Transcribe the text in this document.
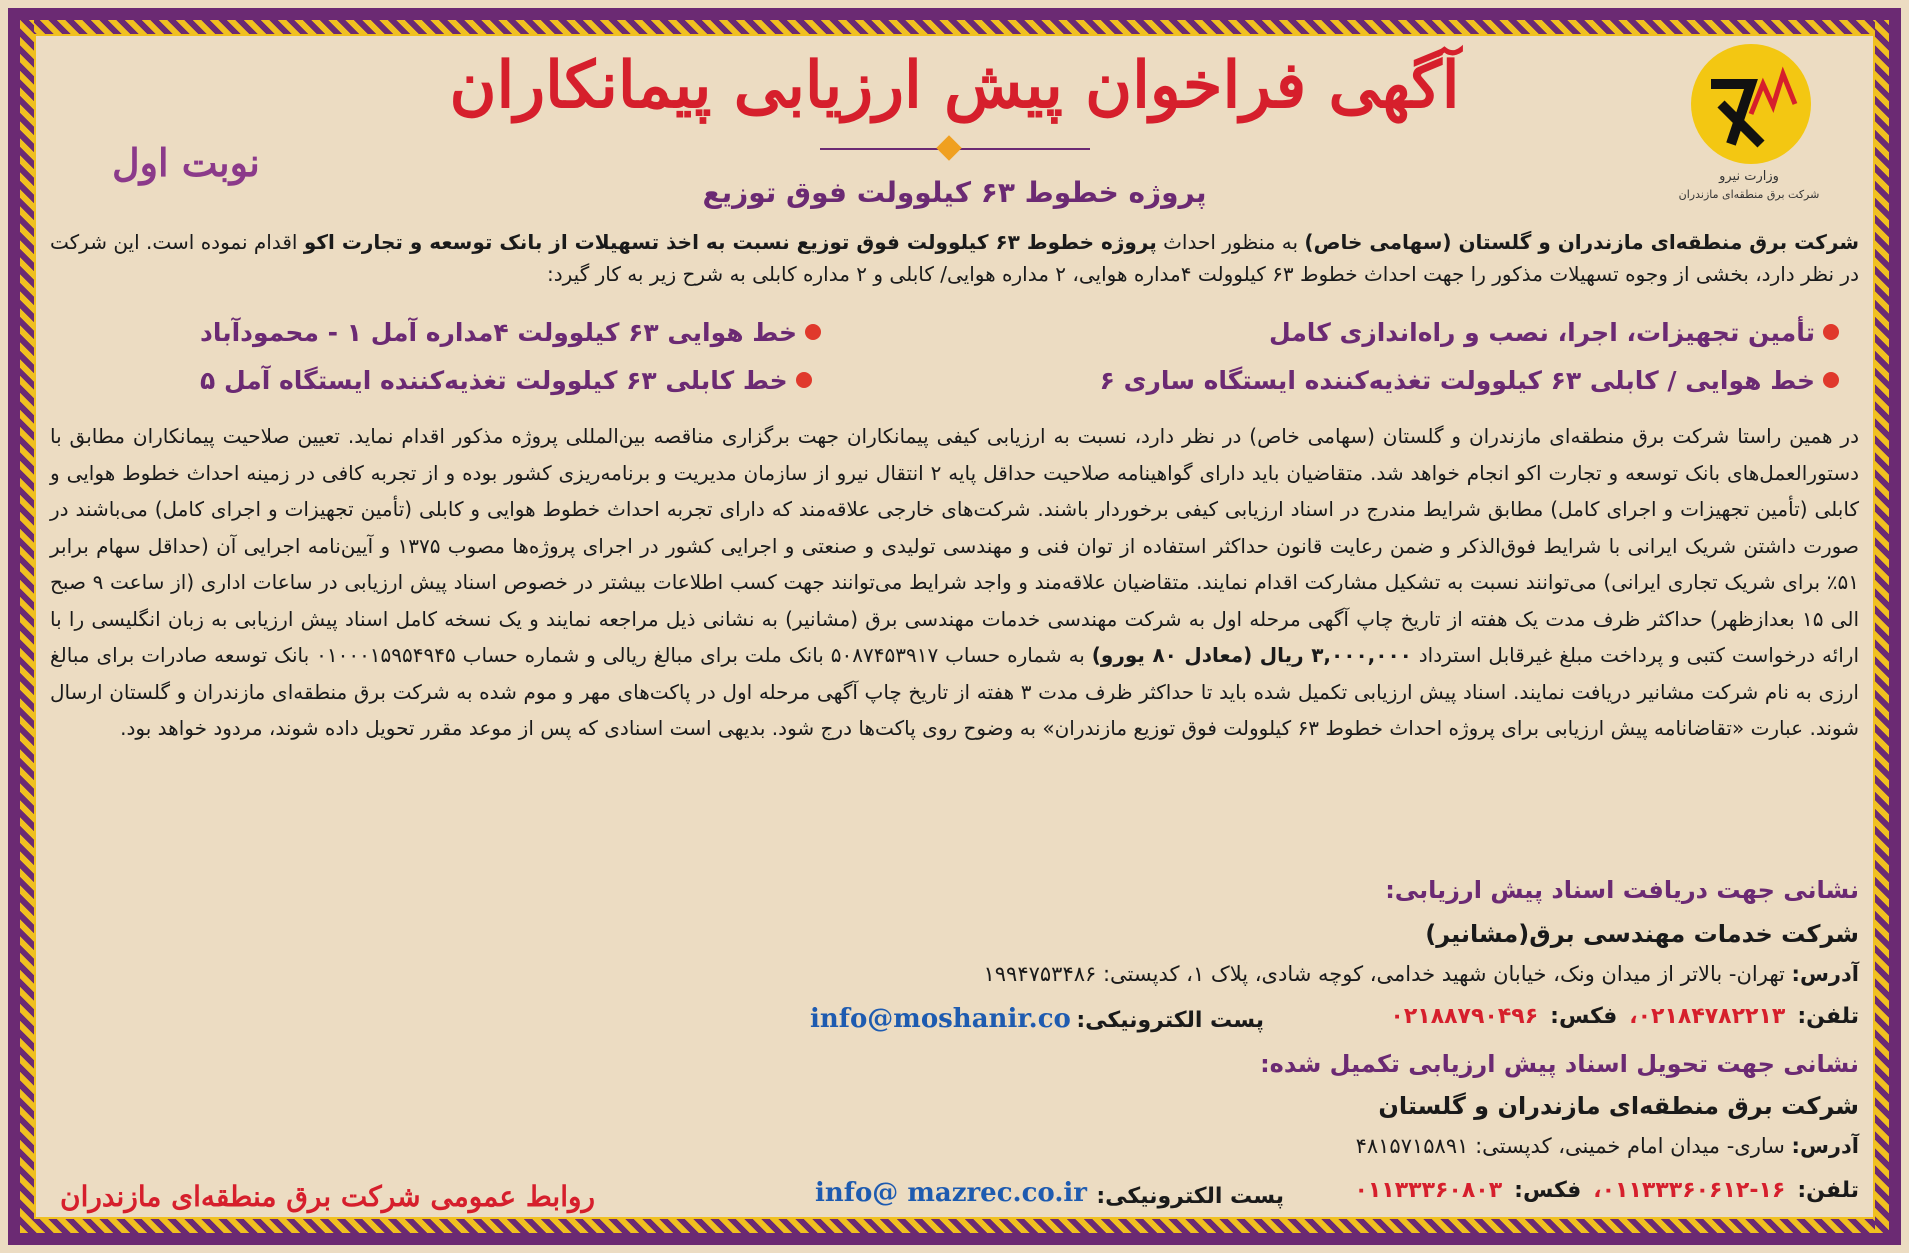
وزارت نیرو
شرکت برق منطقه‌ای مازندران
آگهی فراخوان پیش ارزیابی پیمانکاران
نوبت اول
پروژه خطوط ۶۳ کیلوولت فوق توزیع

شرکت برق منطقه‌ای مازندران و گلستان (سهامی خاص) به منظور احداث پروژه خطوط ۶۳ کیلوولت فوق توزیع نسبت به اخذ تسهیلات از بانک توسعه و تجارت اکو اقدام نموده است. این شرکت در نظر دارد، بخشی از وجوه تسهیلات مذکور را جهت احداث خطوط ۶۳ کیلوولت ۴مداره هوایی، ۲ مداره هوایی/ کابلی و ۲ مداره کابلی به شرح زیر به کار گیرد:

تأمین تجهیزات، اجرا، نصب و راه‌اندازی کامل
خط هوایی ۶۳ کیلوولت ۴مداره آمل ۱ - محمودآباد
خط هوایی / کابلی ۶۳ کیلوولت تغذیه‌کننده ایستگاه ساری ۶
خط کابلی ۶۳ کیلوولت تغذیه‌کننده ایستگاه آمل ۵

در همین راستا شرکت برق منطقه‌ای مازندران و گلستان (سهامی خاص) در نظر دارد، نسبت به ارزیابی کیفی پیمانکاران جهت برگزاری مناقصه بین‌المللی پروژه مذکور اقدام نماید. تعیین صلاحیت پیمانکاران مطابق با دستورالعمل‌های بانک توسعه و تجارت اکو انجام خواهد شد. متقاضیان باید دارای گواهینامه صلاحیت حداقل پایه ۲ انتقال نیرو از سازمان مدیریت و برنامه‌ریزی کشور بوده و از تجربه کافی در زمینه احداث خطوط هوایی و کابلی (تأمین تجهیزات و اجرای کامل) مطابق شرایط مندرج در اسناد ارزیابی کیفی برخوردار باشند. شرکت‌های خارجی علاقه‌مند که دارای تجربه احداث خطوط هوایی و کابلی (تأمین تجهیزات و اجرای کامل) می‌باشند در صورت داشتن شریک ایرانی با شرایط فوق‌الذکر و ضمن رعایت قانون حداکثر استفاده از توان فنی و مهندسی تولیدی و صنعتی و اجرایی کشور در اجرای پروژه‌ها مصوب ۱۳۷۵ و آیین‌نامه اجرایی آن (حداقل سهام برابر ۵۱٪ برای شریک تجاری ایرانی) می‌توانند نسبت به تشکیل مشارکت اقدام نمایند. متقاضیان علاقه‌مند و واجد شرایط می‌توانند جهت کسب اطلاعات بیشتر در خصوص اسناد پیش ارزیابی در ساعات اداری (از ساعت ۹ صبح الی ۱۵ بعدازظهر) حداکثر ظرف مدت یک هفته از تاریخ چاپ آگهی مرحله اول به شرکت مهندسی خدمات مهندسی برق (مشانیر) به نشانی ذیل مراجعه نمایند و یک نسخه کامل اسناد پیش ارزیابی به زبان انگلیسی را با ارائه درخواست کتبی و پرداخت مبلغ غیرقابل استرداد ۳,۰۰۰,۰۰۰ ریال (معادل ۸۰ یورو) به شماره حساب ۵۰۸۷۴۵۳۹۱۷ بانک ملت برای مبالغ ریالی و شماره حساب ۰۱۰۰۰۱۵۹۵۴۹۴۵ بانک توسعه صادرات برای مبالغ ارزی به نام شرکت مشانیر دریافت نمایند. اسناد پیش ارزیابی تکمیل شده باید تا حداکثر ظرف مدت ۳ هفته از تاریخ چاپ آگهی مرحله اول در پاکت‌های مهر و موم شده به شرکت برق منطقه‌ای مازندران و گلستان ارسال شوند. عبارت «تقاضانامه پیش ارزیابی برای پروژه احداث خطوط ۶۳ کیلوولت فوق توزیع مازندران» به وضوح روی پاکت‌ها درج شود. بدیهی است اسنادی که پس از موعد مقرر تحویل داده شوند، مردود خواهد بود.

نشانی جهت دریافت اسناد پیش ارزیابی:
شرکت خدمات مهندسی برق(مشانیر)
آدرس: تهران- بالاتر از میدان ونک، خیابان شهید خدامی، کوچه شادی، پلاک ۱، کدپستی: ۱۹۹۴۷۵۳۴۸۶
تلفن:
۰۲۱۸۴۷۸۲۲۱۳،
فکس:
۰۲۱۸۸۷۹۰۴۹۶
پست الکترونیکی:
info@moshanir.co
نشانی جهت تحویل اسناد پیش ارزیابی تکمیل شده:
شرکت برق منطقه‌ای مازندران و گلستان
آدرس: ساری- میدان امام خمینی، کدپستی: ۴۸۱۵۷۱۵۸۹۱
تلفن:
۰۱۱۳۳۳۶۰۶۱۲-۱۶،
فکس:
۰۱۱۳۳۳۶۰۸۰۳
پست الکترونیکی:
info@ mazrec.co.ir
روابط عمومی شرکت برق منطقه‌ای مازندران
